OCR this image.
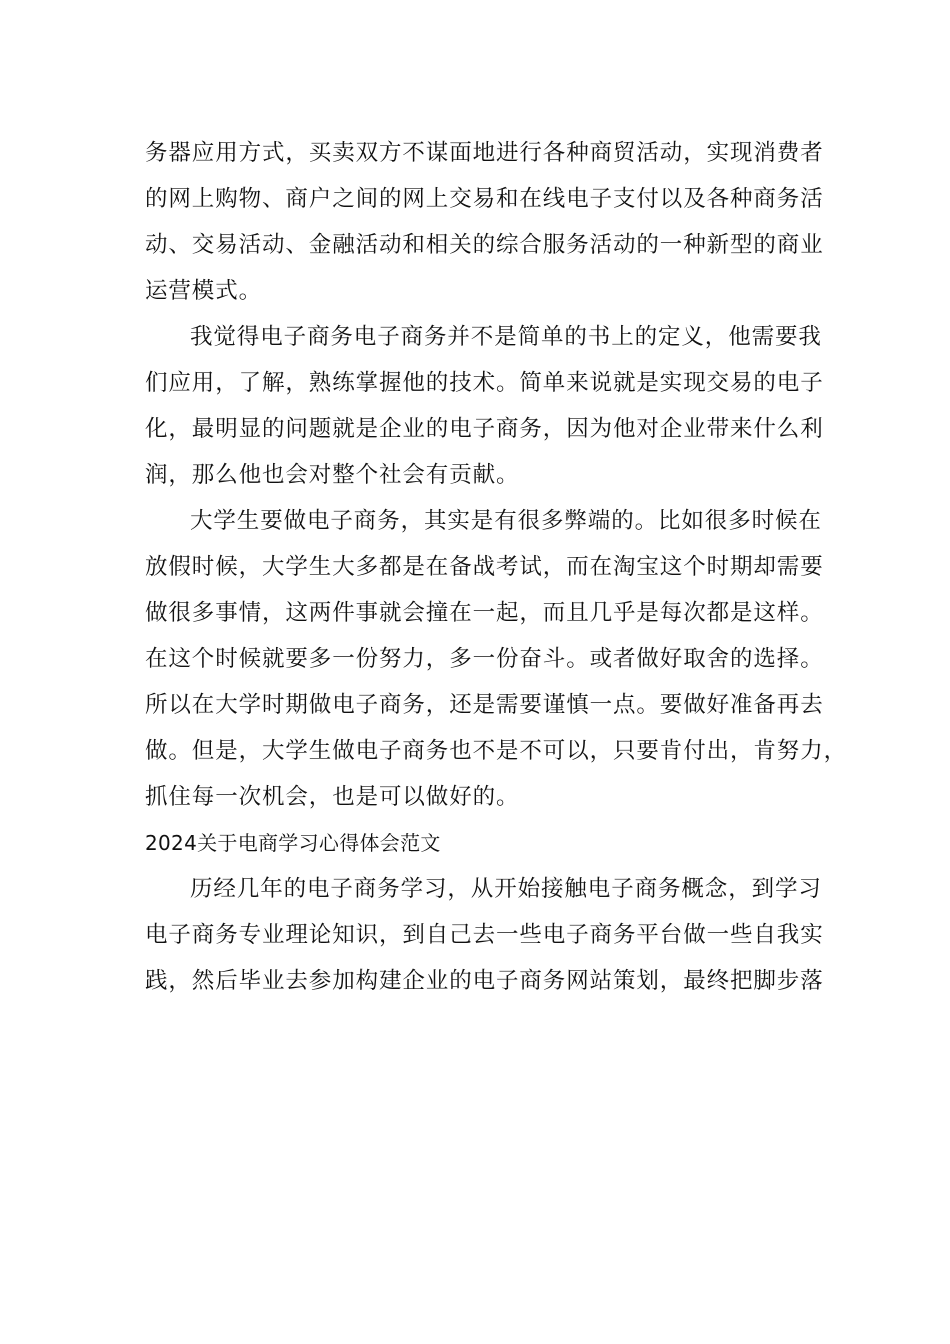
务器应用方式，买卖双方不谋面地进行各种商贸活动，实现消费者
的网上购物、商户之间的网上交易和在线电子支付以及各种商务活
动、交易活动、金融活动和相关的综合服务活动的一种新型的商业
运营模式。
我觉得电子商务电子商务并不是简单的书上的定义，他需要我
们应用，了解，熟练掌握他的技术。简单来说就是实现交易的电子
化，最明显的问题就是企业的电子商务，因为他对企业带来什么利
润，那么他也会对整个社会有贡献。
大学生要做电子商务，其实是有很多弊端的。比如很多时候在
放假时候，大学生大多都是在备战考试，而在淘宝这个时期却需要
做很多事情，这两件事就会撞在一起，而且几乎是每次都是这样。
在这个时候就要多一份努力，多一份奋斗。或者做好取舍的选择。
所以在大学时期做电子商务，还是需要谨慎一点。要做好准备再去
做。但是，大学生做电子商务也不是不可以，只要肯付出，肯努力，
抓住每一次机会，也是可以做好的。
2024关于电商学习心得体会范文
历经几年的电子商务学习，从开始接触电子商务概念，到学习
电子商务专业理论知识，到自己去一些电子商务平台做一些自我实
践，然后毕业去参加构建企业的电子商务网站策划，最终把脚步落
